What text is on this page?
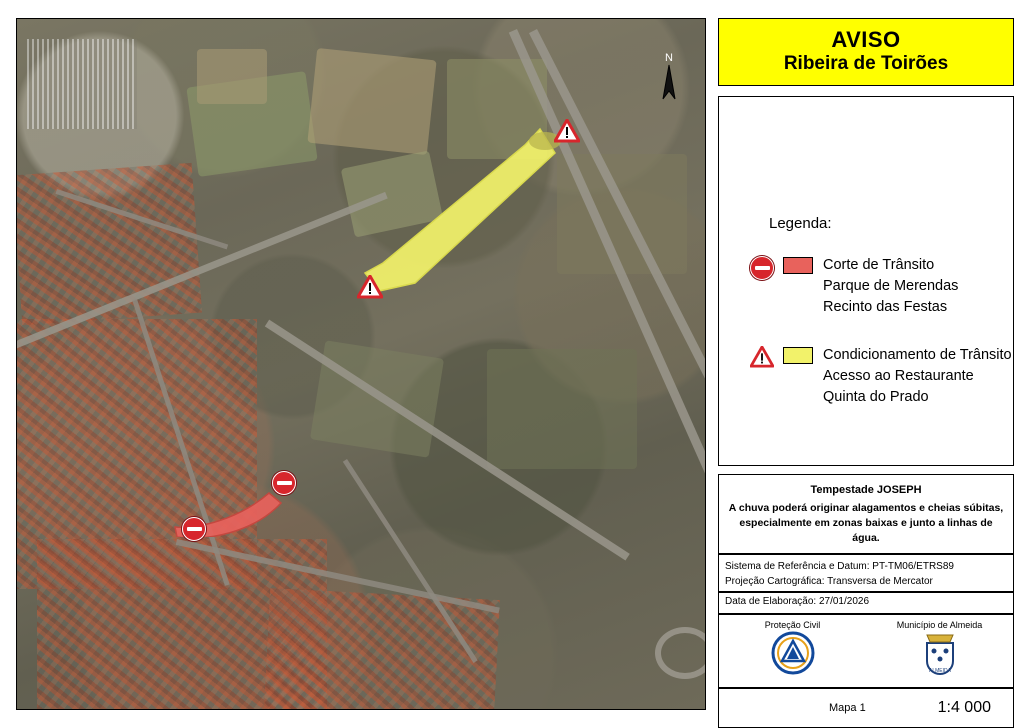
N
AVISO
Ribeira de Toirões
Legenda:
Corte de Trânsito
Parque de Merendas
Recinto das Festas
Condicionamento de Trânsito
Acesso ao Restaurante
Quinta do Prado
Tempestade JOSEPH
A chuva poderá originar alagamentos e cheias súbitas, especialmente em zonas baixas e junto a linhas de água.
Sistema de Referência e Datum: PT-TM06/ETRS89
Projeção Cartográfica: Transversa de Mercator
Data de Elaboração: 27/01/2026
Proteção Civil	Município de Almeida
ALMEIDA
Mapa 1	1:4 000
